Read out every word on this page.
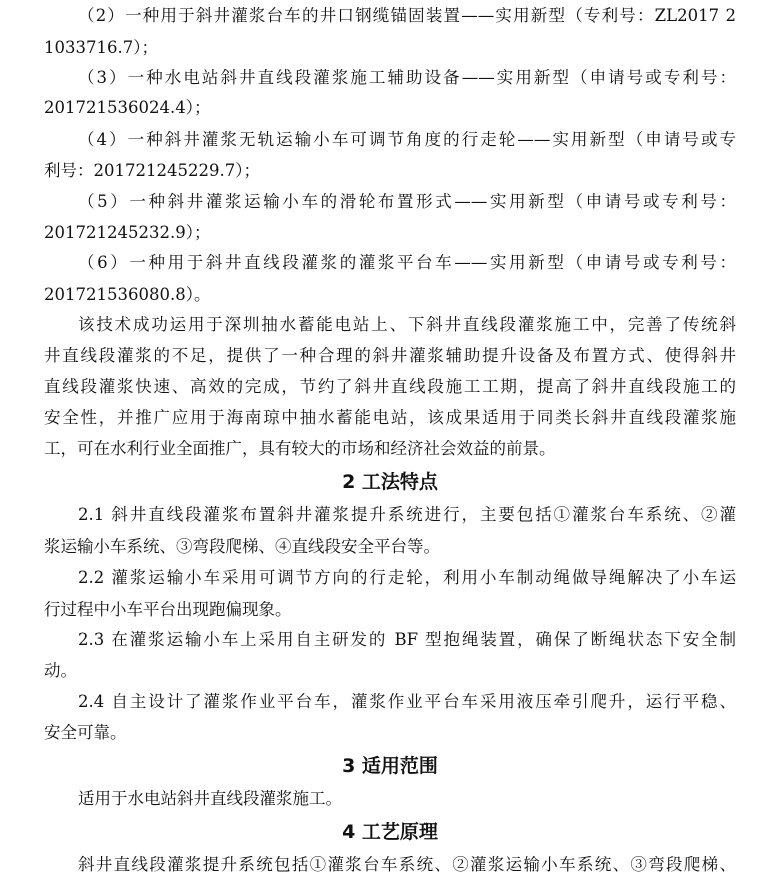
（2）一种用于斜井灌浆台车的井口钢缆锚固装置——实用新型（专利号：ZL2017 2
1033716.7）；
（3）一种水电站斜井直线段灌浆施工辅助设备——实用新型（申请号或专利号：
201721536024.4）；
（4）一种斜井灌浆无轨运输小车可调节角度的行走轮——实用新型（申请号或专
利号：201721245229.7）；
（5）一种斜井灌浆运输小车的滑轮布置形式——实用新型（申请号或专利号：
201721245232.9）；
（6）一种用于斜井直线段灌浆的灌浆平台车——实用新型（申请号或专利号：
201721536080.8）。
该技术成功运用于深圳抽水蓄能电站上、下斜井直线段灌浆施工中，完善了传统斜
井直线段灌浆的不足，提供了一种合理的斜井灌浆辅助提升设备及布置方式、使得斜井
直线段灌浆快速、高效的完成，节约了斜井直线段施工工期，提高了斜井直线段施工的
安全性，并推广应用于海南琼中抽水蓄能电站，该成果适用于同类长斜井直线段灌浆施
工，可在水利行业全面推广，具有较大的市场和经济社会效益的前景。
2 工法特点
2.1 斜井直线段灌浆布置斜井灌浆提升系统进行，主要包括①灌浆台车系统、②灌
浆运输小车系统、③弯段爬梯、④直线段安全平台等。
2.2 灌浆运输小车采用可调节方向的行走轮，利用小车制动绳做导绳解决了小车运
行过程中小车平台出现跑偏现象。
2.3 在灌浆运输小车上采用自主研发的 BF 型抱绳装置，确保了断绳状态下安全制
动。
2.4 自主设计了灌浆作业平台车，灌浆作业平台车采用液压牵引爬升，运行平稳、
安全可靠。
3 适用范围
适用于水电站斜井直线段灌浆施工。
4 工艺原理
斜井直线段灌浆提升系统包括①灌浆台车系统、②灌浆运输小车系统、③弯段爬梯、
